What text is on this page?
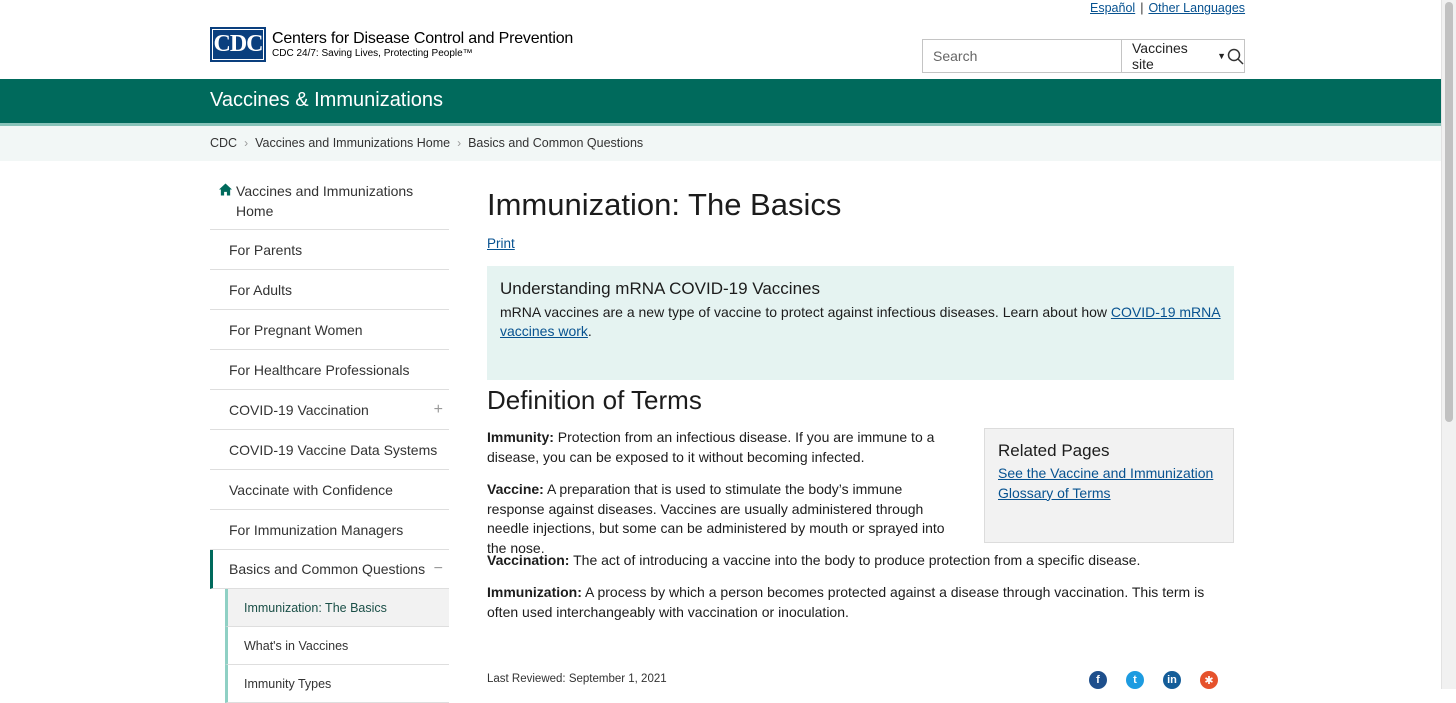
Español | Other Languages
CDC Centers for Disease Control and Prevention
CDC 24/7: Saving Lives, Protecting People™
Search	Vaccines site	▼
Vaccines & Immunizations
CDC › Vaccines and Immunizations Home › Basics and Common Questions
Vaccines and Immunizations Home
For Parents
For Adults
For Pregnant Women
For Healthcare Professionals
COVID-19 Vaccination	+
COVID-19 Vaccine Data Systems
Vaccinate with Confidence
For Immunization Managers
Basics and Common Questions −
Immunization: The Basics
What's in Vaccines
Immunity Types
Immunization: The Basics
Print
Understanding mRNA COVID-19 Vaccines
mRNA vaccines are a new type of vaccine to protect against infectious diseases. Learn about how COVID-19 mRNA vaccines work.
Definition of Terms
Immunity: Protection from an infectious disease. If you are immune to a disease, you can be exposed to it without becoming infected.
Vaccine: A preparation that is used to stimulate the body’s immune response against diseases. Vaccines are usually administered through needle injections, but some can be administered by mouth or sprayed into the nose.
Vaccination: The act of introducing a vaccine into the body to produce protection from a specific disease.
Immunization: A process by which a person becomes protected against a disease through vaccination. This term is often used interchangeably with vaccination or inoculation.
Related Pages
See the Vaccine and Immunization Glossary of Terms
Last Reviewed: September 1, 2021	f	t	in	✱
